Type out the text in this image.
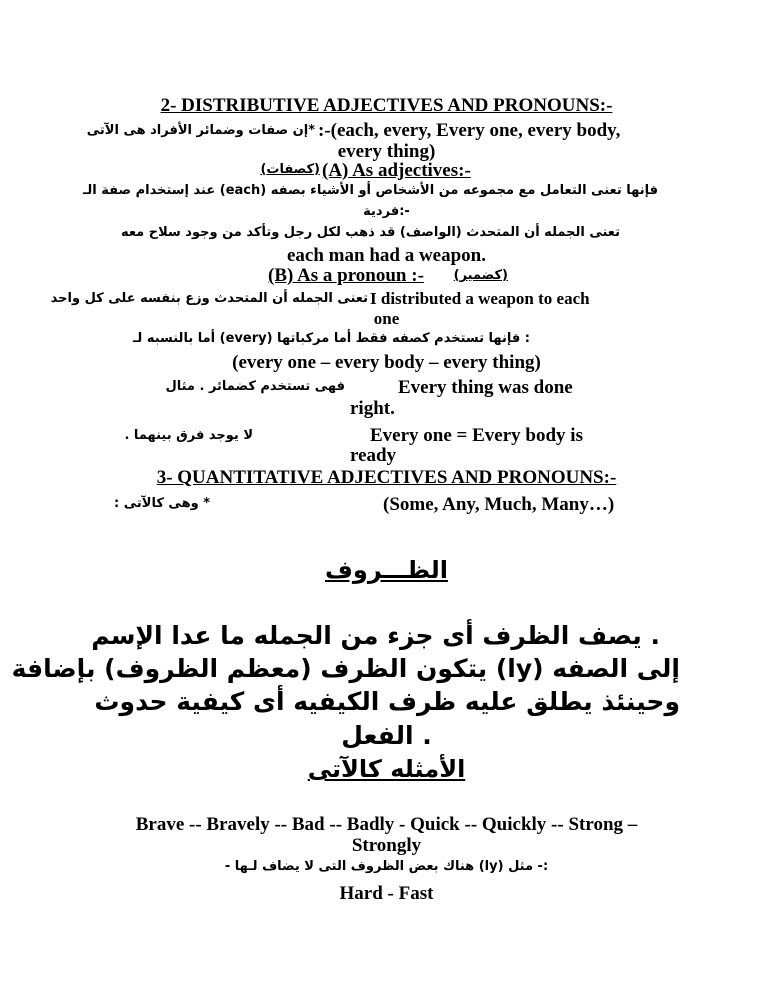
2- DISTRIBUTIVE ADJECTIVES AND PRONOUNS:-
:-(each, every, Every one, every body,
*إن صفات وضمائر الأفراد هى الآتى
every thing)
(كصفات) (A) As adjectives:-
فإنها تعنى التعامل مع مجموعه من الأشخاص أو الأشياء بصفه (each) عند إستخدام صفة الـ
-:فردية
تعنى الجمله أن المتحدث (الواصف) قد ذهب لكل رجل وتأكد من وجود سلاح معه
each man had a weapon.
(B) As a pronoun :-	(كضمير)
I distributed a weapon to each
تعنى الجمله أن المتحدث وزع بنفسه على كل واحد
one
: فإنها تستخدم كصفه فقط أما مركباتها (every) أما بالنسبه لـ
(every one – every body – every thing)
فهى تستخدم كضمائر . مثال	Every thing was done
right.
لا يوجد فرق بينهما .	Every one = Every body is
ready
3- QUANTITATIVE ADJECTIVES AND PRONOUNS:-
* وهى كالآتى :	(Some, Any, Much, Many…)
الظـــروف
. يصف الظرف أى جزء من الجمله ما عدا الإسم
إلى الصفه (ly) يتكون الظرف (معظم الظروف) بإضافة
وحينئذ يطلق عليه ظرف الكيفيه أى كيفية حدوث
. الفعل
الأمثله كالآتى
Brave -- Bravely -- Bad -- Badly - Quick -- Quickly -- Strong –
Strongly
:- مثل (ly) هناك بعض الظروف التى لا يضاف لـها -
Hard - Fast
